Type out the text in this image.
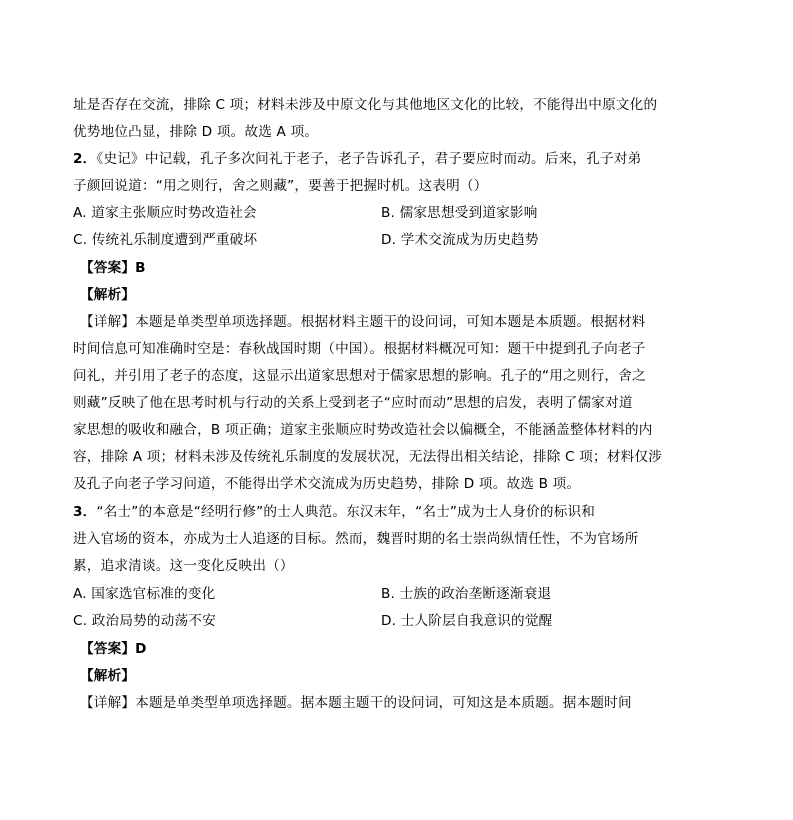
址是否存在交流，排除 C 项；材料未涉及中原文化与其他地区文化的比较，不能得出中原文化的
优势地位凸显，排除 D 项。故选 A 项。
2．《史记》中记载，孔子多次问礼于老子，老子告诉孔子，君子要应时而动。后来，孔子对弟
子颜回说道：“用之则行，舍之则藏”，要善于把握时机。这表明（）
A. 道家主张顺应时势改造社会	B. 儒家思想受到道家影响
C. 传统礼乐制度遭到严重破坏	D. 学术交流成为历史趋势
【答案】B
【解析】
【详解】本题是单类型单项选择题。根据材料主题干的设问词，可知本题是本质题。根据材料
时间信息可知准确时空是：春秋战国时期（中国）。根据材料概况可知：题干中提到孔子向老子
问礼，并引用了老子的态度，这显示出道家思想对于儒家思想的影响。孔子的“用之则行，舍之
则藏”反映了他在思考时机与行动的关系上受到老子“应时而动”思想的启发，表明了儒家对道
家思想的吸收和融合，B 项正确；道家主张顺应时势改造社会以偏概全，不能涵盖整体材料的内
容，排除 A 项；材料未涉及传统礼乐制度的发展状况，无法得出相关结论，排除 C 项；材料仅涉
及孔子向老子学习问道，不能得出学术交流成为历史趋势，排除 D 项。故选 B 项。
3．“名士”的本意是“经明行修”的士人典范。东汉末年，“名士”成为士人身价的标识和
进入官场的资本，亦成为士人追逐的目标。然而，魏晋时期的名士崇尚纵情任性，不为官场所
累，追求清谈。这一变化反映出（）
A. 国家选官标准的变化	B. 士族的政治垄断逐渐衰退
C. 政治局势的动荡不安	D. 士人阶层自我意识的觉醒
【答案】D
【解析】
【详解】本题是单类型单项选择题。据本题主题干的设问词，可知这是本质题。据本题时间
